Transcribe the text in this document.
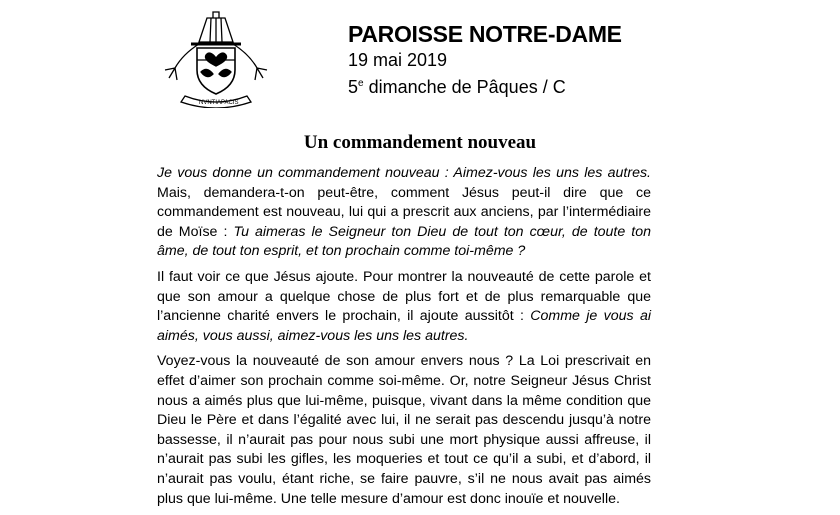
NVNTIA PACIS
PAROISSE NOTRE-DAME
19 mai 2019
5e dimanche de Pâques / C
Un commandement nouveau

Je vous donne un commandement nouveau : Aimez-vous les uns les autres. Mais, demandera-t-on peut-être, comment Jésus peut-il dire que ce commandement est nouveau, lui qui a prescrit aux anciens, par l’intermédiaire de Moïse : Tu aimeras le Seigneur ton Dieu de tout ton cœur, de toute ton âme, de tout ton esprit, et ton prochain comme toi-même ?

Il faut voir ce que Jésus ajoute. Pour montrer la nouveauté de cette parole et que son amour a quelque chose de plus fort et de plus remarquable que l’ancienne charité envers le prochain, il ajoute aussitôt : Comme je vous ai aimés, vous aussi, aimez-vous les uns les autres.

Voyez-vous la nouveauté de son amour envers nous ? La Loi prescrivait en effet d’aimer son prochain comme soi-même. Or, notre Seigneur Jésus Christ nous a aimés plus que lui-même, puisque, vivant dans la même condition que Dieu le Père et dans l’égalité avec lui, il ne serait pas descendu jusqu’à notre bassesse, il n’aurait pas pour nous subi une mort physique aussi affreuse, il n’aurait pas subi les gifles, les moqueries et tout ce qu’il a subi, et d’abord, il n’aurait pas voulu, étant riche, se faire pauvre, s’il ne nous avait pas aimés plus que lui-même. Une telle mesure d’amour est donc inouïe et nouvelle.
